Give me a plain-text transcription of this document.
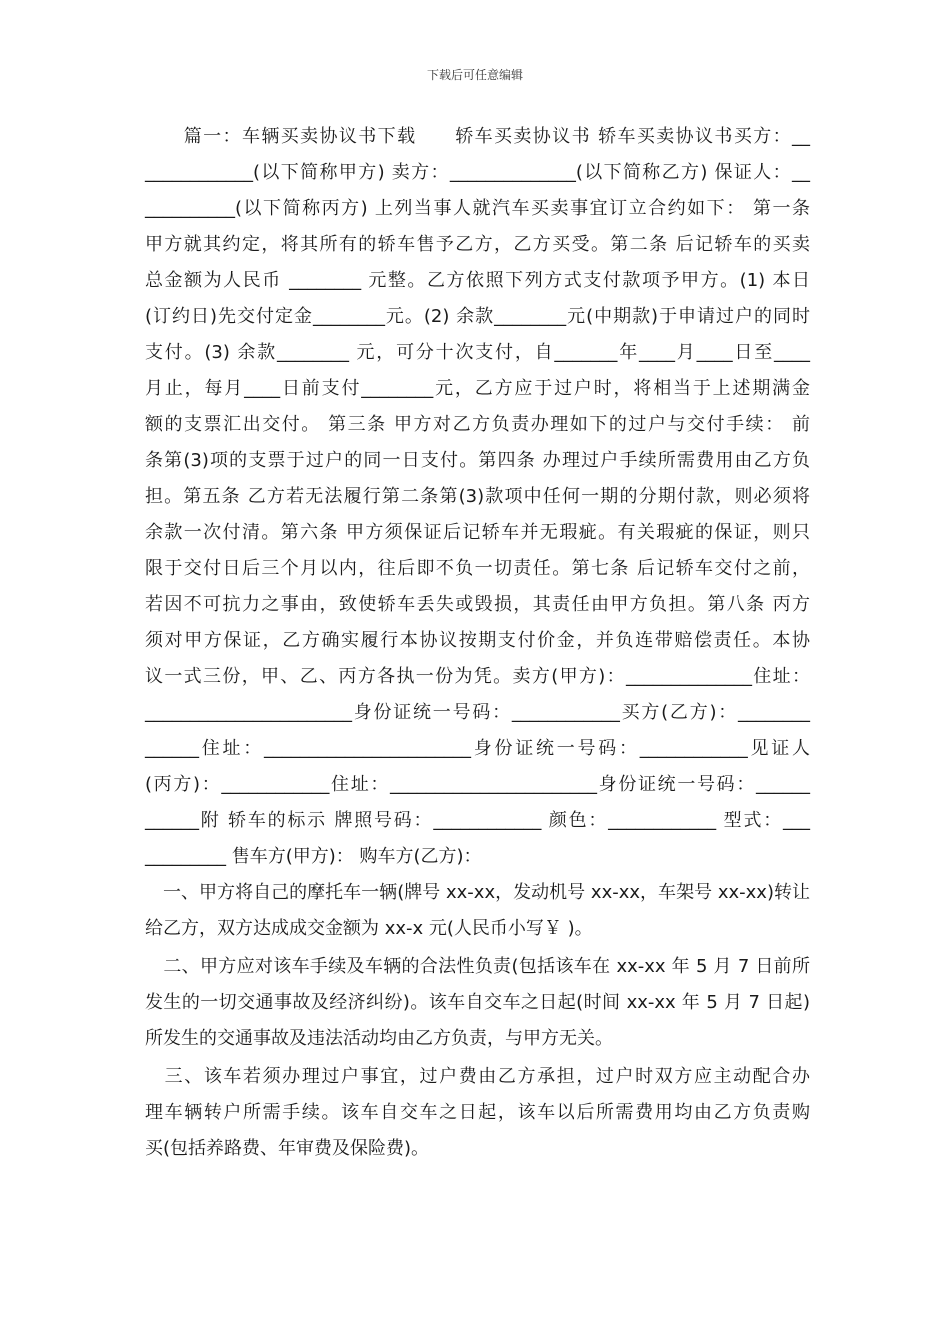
下载后可任意编辑
　　篇一：车辆买卖协议书下载　　轿车买卖协议书 轿车买卖协议书买方：__
____________(以下简称甲方) 卖方：______________(以下简称乙方) 保证人：__
__________(以下简称丙方) 上列当事人就汽车买卖事宜订立合约如下： 第一条
甲方就其约定，将其所有的轿车售予乙方，乙方买受。第二条 后记轿车的买卖
总金额为人民币 ________ 元整。乙方依照下列方式支付款项予甲方。(1) 本日
(订约日)先交付定金________元。(2) 余款________元(中期款)于申请过户的同时
支付。(3) 余款________ 元，可分十次支付，自_______年____月____日至____
月止，每月____日前支付________元，乙方应于过户时，将相当于上述期满金
额的支票汇出交付。 第三条 甲方对乙方负责办理如下的过户与交付手续： 前
条第(3)项的支票于过户的同一日支付。第四条 办理过户手续所需费用由乙方负
担。第五条 乙方若无法履行第二条第(3)款项中任何一期的分期付款，则必须将
余款一次付清。第六条 甲方须保证后记轿车并无瑕疵。有关瑕疵的保证，则只
限于交付日后三个月以内，往后即不负一切责任。第七条 后记轿车交付之前，
若因不可抗力之事由，致使轿车丢失或毁损，其责任由甲方负担。第八条 丙方
须对甲方保证，乙方确实履行本协议按期支付价金，并负连带赔偿责任。本协
议一式三份，甲、乙、丙方各执一份为凭。卖方(甲方)：______________住址：
_______________________身份证统一号码：____________买方(乙方)：________
______住址：_______________________身份证统一号码：____________见证人
(丙方)：____________住址：_______________________身份证统一号码：______
______附 轿车的标示 牌照号码：____________ 颜色：____________ 型式：___
_________ 售车方(甲方)： 购车方(乙方)：
　一、甲方将自己的摩托车一辆(牌号 xx-xx，发动机号 xx-xx，车架号 xx-xx)转让
给乙方，双方达成成交金额为 xx-x 元(人民币小写￥ )。
　二、甲方应对该车手续及车辆的合法性负责(包括该车在 xx-xx 年 5 月 7 日前所
发生的一切交通事故及经济纠纷)。该车自交车之日起(时间 xx-xx 年 5 月 7 日起)
所发生的交通事故及违法活动均由乙方负责，与甲方无关。
　三、该车若须办理过户事宜，过户费由乙方承担，过户时双方应主动配合办
理车辆转户所需手续。该车自交车之日起，该车以后所需费用均由乙方负责购
买(包括养路费、年审费及保险费)。
